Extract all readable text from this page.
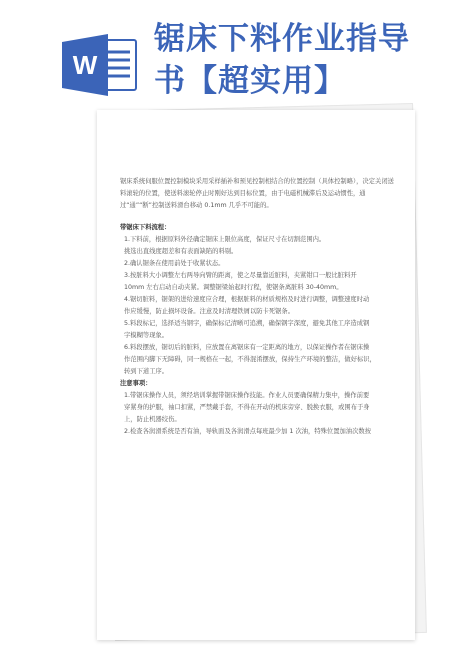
W
锯床下料作业指导
书【超实用】

锯床系统伺服位置控制模块采用采样插补和预见控制相结合的位置控制（具体控制略），决定关闭送料滚轮的位置，使送料滚轮停止时刚好达到目标位置，由于电磁机械滞后及运动惯性，通过“通”“断”控制送料滑台移动 0.1mm 几乎不可能的。

带锯床下料流程：

1.下料前，根据原料外径确定锯床上限位高度，保证尺寸在切割范围内。

挑选出直线度超差和有表面缺陷的料剔。

2.确认锯条在使用前处于收紧状态。

3.按脏料大小调整左右两导向臂的距离，使之尽量靠近脏料，夹紧钳口一般比脏料开

10mm 左右启动自动夹紧。调整锯梁始起时行程，使锯条离脏料 30-40mm。

4.锯切脏料，锯架的进给速度应合理，根据脏料的材质规格及时进行调整，调整速度时动

作应缓慢，防止损坏设备。注意及时清理铁屑以防卡死锯条。

5.料段标记，选择适当钢字，确保标记清晰可追溯，确保钢字深度，避免其他工序造成钢

字模糊等现象。

6.料段摆放，锯切后的脏料，应放置在离锯床有一定距离的地方，以保证操作者在锯床操

作范围内脚下无障碍，同一规格在一起，不得混淆摆放，保持生产环境的整洁，做好标识，

转到下道工序。

注意事项：

1.带锯床操作人员，须经培训掌握带锯床操作技能。作业人员要确保精力集中，操作前要

穿紧身的护服，袖口扣紧，严禁戴手套，不得在开动的机床旁穿、脱换衣服，或围布于身

上，防止机器绞伤。

2.检查各润滑系统是否有油，导轨面及各润滑点每班最少加 1 次油，特殊位置加油次数按
